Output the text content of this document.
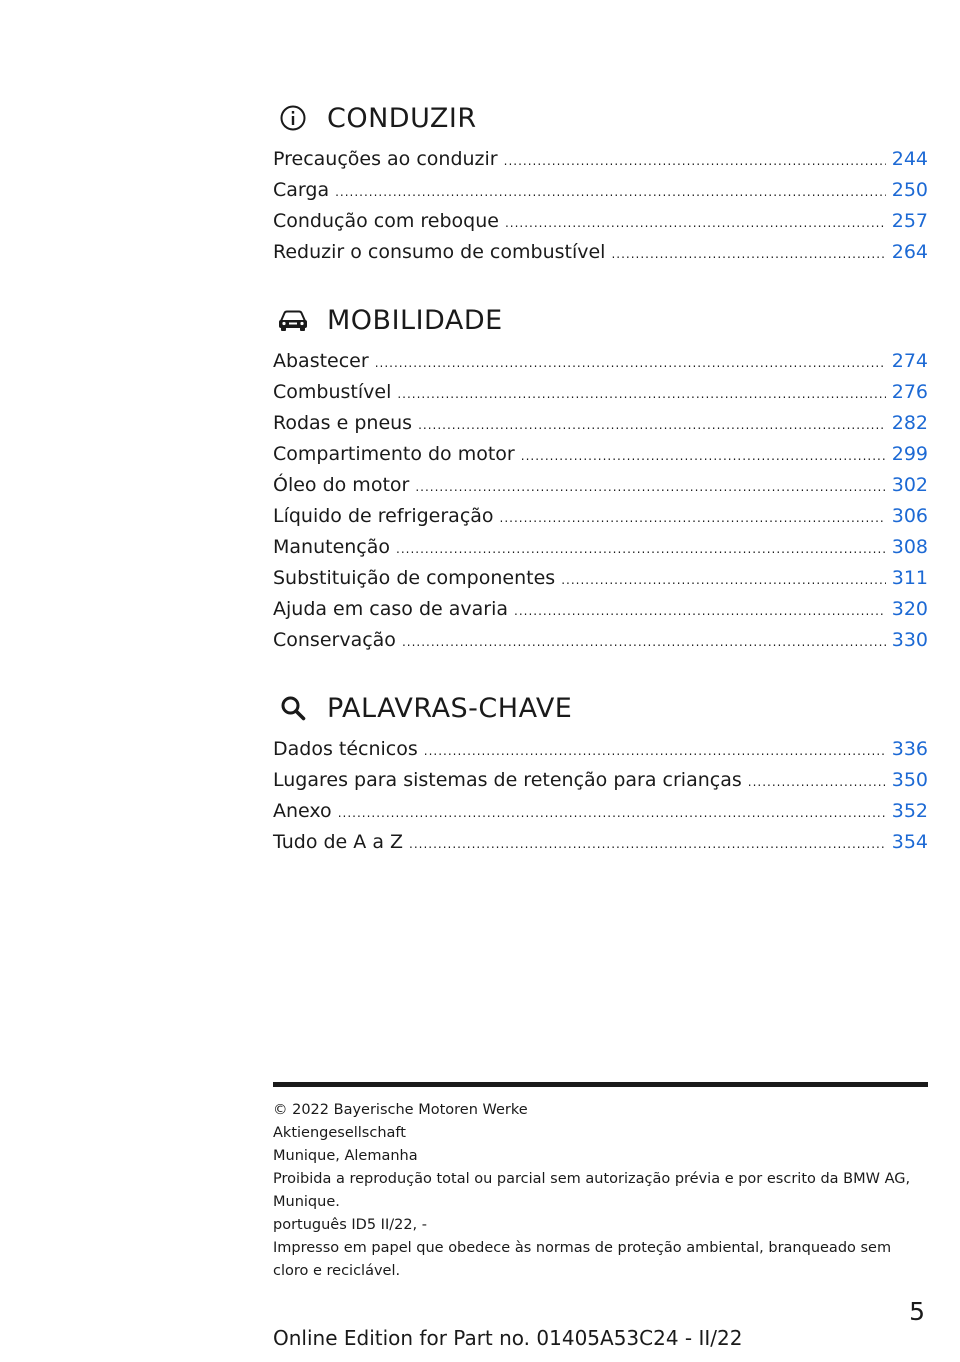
CONDUZIR
Precauções ao conduzir .....	244
Carga .....	250
Condução com reboque .....	257
Reduzir o consumo de combustível .....	264
MOBILIDADE
Abastecer .....	274
Combustível .....	276
Rodas e pneus .....	282
Compartimento do motor .....	299
Óleo do motor .....	302
Líquido de refrigeração .....	306
Manutenção .....	308
Substituição de componentes .....	311
Ajuda em caso de avaria .....	320
Conservação .....	330
PALAVRAS-CHAVE
Dados técnicos .....	336
Lugares para sistemas de retenção para crianças .....	350
Anexo .....	352
Tudo de A a Z .....	354
© 2022 Bayerische Motoren Werke
Aktiengesellschaft
Munique, Alemanha
Proibida a reprodução total ou parcial sem autorização prévia e por escrito da BMW AG,
Munique.
português ID5 II/22, -
Impresso em papel que obedece às normas de proteção ambiental, branqueado sem
cloro e reciclável.
5
Online Edition for Part no. 01405A53C24 - II/22
